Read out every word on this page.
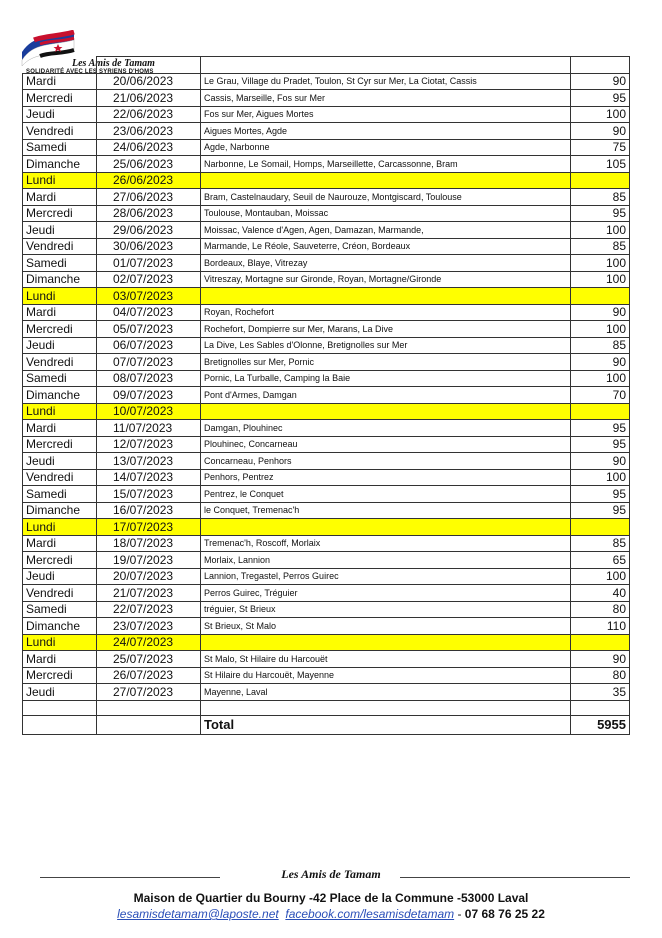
Les Amis de Tamam
SOLIDARITÉ AVEC LES SYRIENS D'HOMS

Mardi	20/06/2023	Le Grau, Village du Pradet, Toulon, St Cyr sur Mer, La Ciotat, Cassis	90
Mercredi	21/06/2023	Cassis, Marseille, Fos sur Mer	95
Jeudi	22/06/2023	Fos sur Mer, Aigues Mortes	100
Vendredi	23/06/2023	Aigues Mortes, Agde	90
Samedi	24/06/2023	Agde, Narbonne	75
Dimanche	25/06/2023	Narbonne, Le Somail, Homps, Marseillette, Carcassonne, Bram	105
Lundi	26/06/2023		
Mardi	27/06/2023	Bram, Castelnaudary, Seuil de Naurouze, Montgiscard, Toulouse	85
Mercredi	28/06/2023	Toulouse, Montauban, Moissac	95
Jeudi	29/06/2023	Moissac, Valence d'Agen, Agen, Damazan, Marmande,	100
Vendredi	30/06/2023	Marmande, Le Réole, Sauveterre, Créon, Bordeaux	85
Samedi	01/07/2023	Bordeaux, Blaye, Vitrezay	100
Dimanche	02/07/2023	Vitreszay, Mortagne sur Gironde, Royan, Mortagne/Gironde	100
Lundi	03/07/2023		
Mardi	04/07/2023	Royan, Rochefort	90
Mercredi	05/07/2023	Rochefort, Dompierre sur Mer, Marans, La Dive	100
Jeudi	06/07/2023	La Dive, Les Sables d'Olonne, Bretignolles sur Mer	85
Vendredi	07/07/2023	Bretignolles sur Mer, Pornic	90
Samedi	08/07/2023	Pornic, La Turballe, Camping la Baie	100
Dimanche	09/07/2023	Pont d'Armes, Damgan	70
Lundi	10/07/2023		
Mardi	11/07/2023	Damgan, Plouhinec	95
Mercredi	12/07/2023	Plouhinec, Concarneau	95
Jeudi	13/07/2023	Concarneau, Penhors	90
Vendredi	14/07/2023	Penhors, Pentrez	100
Samedi	15/07/2023	Pentrez, le Conquet	95
Dimanche	16/07/2023	le Conquet, Tremenac'h	95
Lundi	17/07/2023		
Mardi	18/07/2023	Tremenac'h, Roscoff, Morlaix	85
Mercredi	19/07/2023	Morlaix, Lannion	65
Jeudi	20/07/2023	Lannion, Tregastel, Perros Guirec	100
Vendredi	21/07/2023	Perros Guirec, Tréguier	40
Samedi	22/07/2023	tréguier, St Brieux	80
Dimanche	23/07/2023	St Brieux, St Malo	110
Lundi	24/07/2023		
Mardi	25/07/2023	St Malo, St Hilaire du Harcouët	90
Mercredi	26/07/2023	St Hilaire du Harcouët, Mayenne	80
Jeudi	27/07/2023	Mayenne, Laval	35

		Total	5955
Les Amis de Tamam
Maison de Quartier du Bourny -42 Place de la Commune -53000 Laval
lesamisdetamam@laposte.net facebook.com/lesamisdetamam - 07 68 76 25 22
